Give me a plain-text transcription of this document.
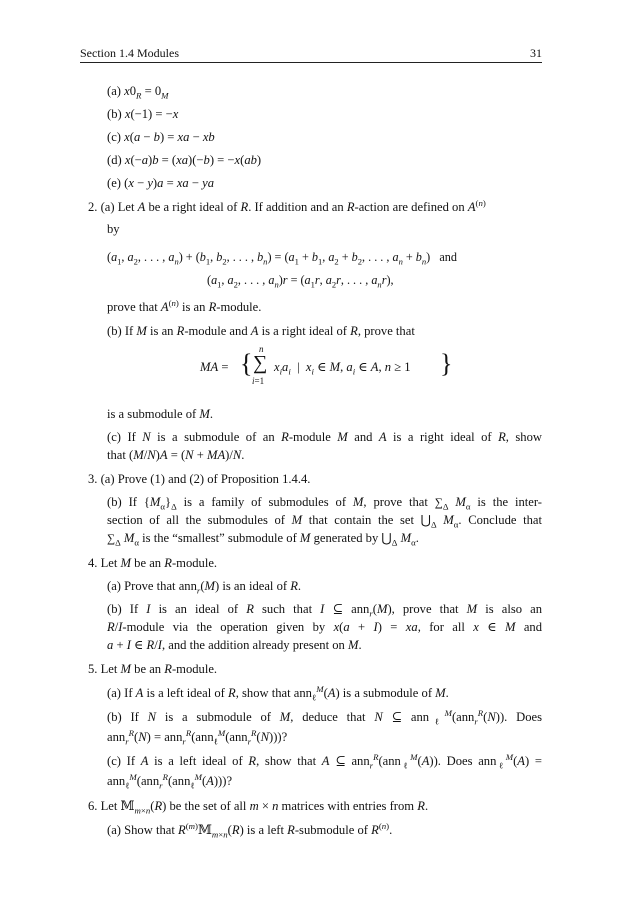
Section 1.4 Modules	31
(a) $x0_R = 0_M$
(b) x(−1) = −x
(c) x(a − b) = xa − xb
(d) x(−a)b = (xa)(−b) = −x(ab)
(e) (x − y)a = xa − ya
2. (a) Let A be a right ideal of R. If addition and an R-action are defined on $A^{(n)}$
by
($a_1$, $a_2$, . . . , $a_n) + (b_1$, $b_2$, . . . , $b_n) = (a_1 + b_1$, $a_2 + b_2$, . . . , $a_n + b_n$)   and
($a_1$, $a_2$, . . . , $a_n)r = (a_1r$, $a_2r$, . . . , $a_nr$),
prove that $A^{(n)}$ is an R-module.
(b) If M is an R-module and A is a right ideal of R, prove that
MA = { n
∑
i=1
$x_ia_i$  |  $x_i$ ∈ M, $a_i$ ∈ A, n ≥ 1 }
is a submodule of M.
(c) If N is a submodule of an R-module M and A is a right ideal of R, show
that (M/N)A = (N + MA)/N.
3. (a) Prove (1) and (2) of Proposition 1.4.4.
(b) If $\{M_\alpha\}_\Delta$ is a family of submodules of M, prove that $\sum_\Delta$ $M_\alpha$ is the inter-
section of all the submodules of M that contain the set $⋃_\Delta$ $M_\alpha$. Conclude that
$\sum_\Delta$ $M_\alpha$ is the “smallest” submodule of M generated by $⋃_\Delta$ $M_\alpha$.
4. Let M be an R-module.
(a) Prove that ann$_r$(M) is an ideal of R.
(b) If I is an ideal of R such that I ⊆ ann$_r$(M), prove that M is also an
R/I-module via the operation given by x(a + I) = xa, for all x ∈ M and
a + I ∈ R/I, and the addition already present on M.
5. Let M be an R-module.
(a) If A is a left ideal of R, show that ann$_\ell^M$(A) is a submodule of M.
(b) If N is a submodule of M, deduce that N ⊆ ann$_\ell^M$(ann$_r^R$(N)). Does
ann$_r^R$(N) = ann$_r^R$(ann$_\ell^M$(ann$_r^R$(N)))?
(c) If A is a left ideal of R, show that A ⊆ ann$_r^R$(ann$_\ell^M$(A)). Does ann$_\ell^M$(A) =
ann$_\ell^M$(ann$_r^R$(ann$_\ell^M$(A)))?
6. Let 𝕄$_{m\times n}$(R) be the set of all m × n matrices with entries from R.
(a) Show that $R^{(m)}𝕄_{m\times n}(R)$ is a left R-submodule of $R^{(n)}$.
